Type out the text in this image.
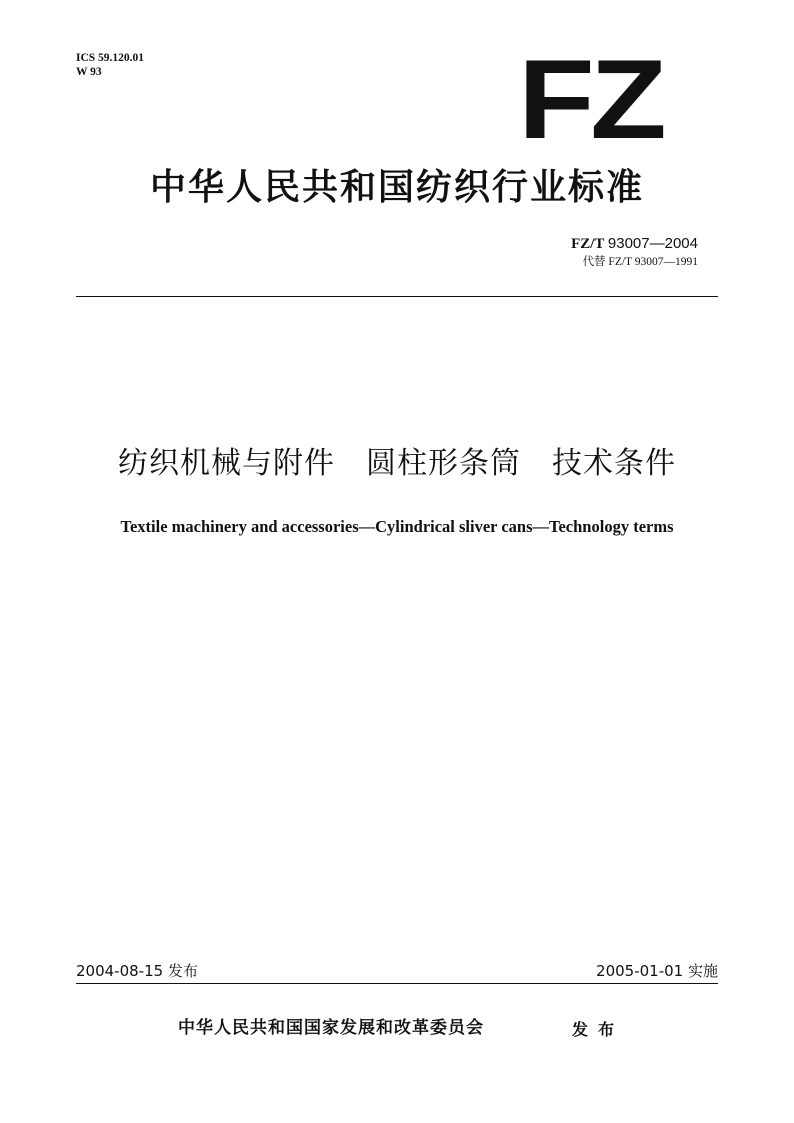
ICS 59.120.01
W 93	FZ
中华人民共和国纺织行业标准
FZ/T 93007—2004
代替 FZ/T 93007—1991
纺织机械与附件　圆柱形条筒　技术条件
Textile machinery and accessories—Cylindrical sliver cans—Technology terms
2004-08-15 发布	2005-01-01 实施
中华人民共和国国家发展和改革委员会	发布
